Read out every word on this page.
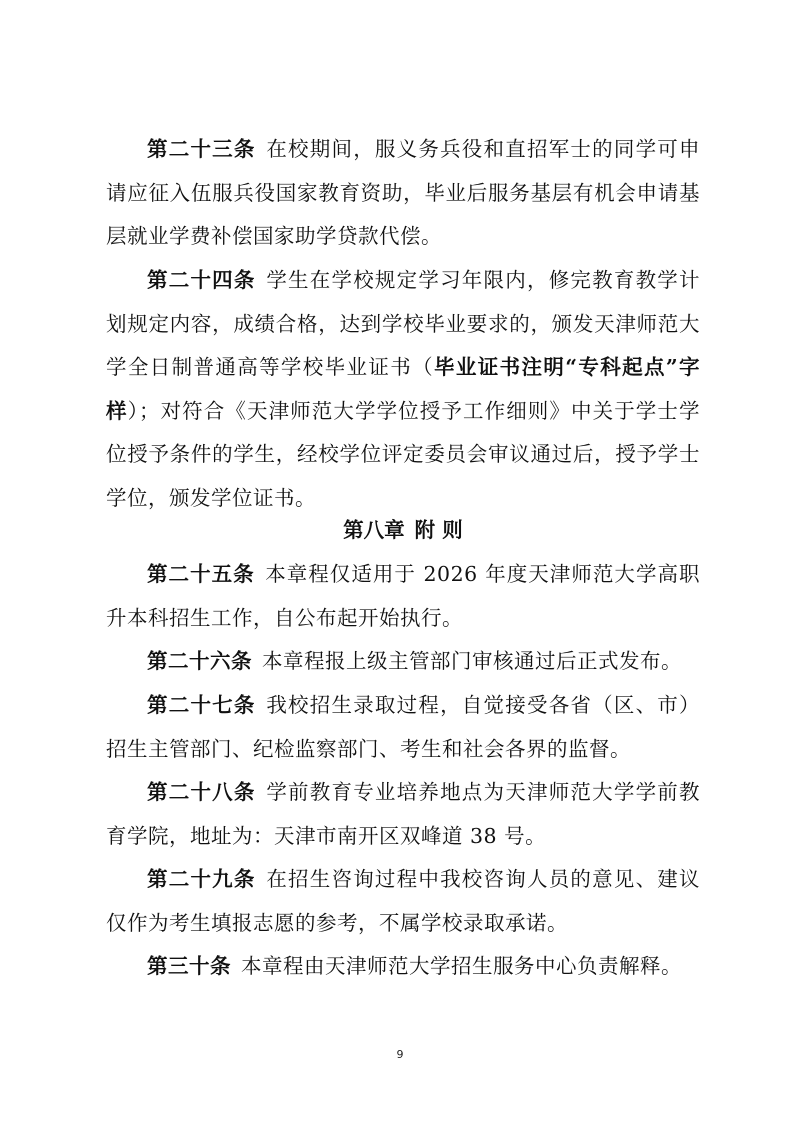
第二十三条 在校期间，服义务兵役和直招军士的同学可申请应征入伍服兵役国家教育资助，毕业后服务基层有机会申请基层就业学费补偿国家助学贷款代偿。

第二十四条 学生在学校规定学习年限内，修完教育教学计划规定内容，成绩合格，达到学校毕业要求的，颁发天津师范大学全日制普通高等学校毕业证书（毕业证书注明“专科起点”字样）；对符合《天津师范大学学位授予工作细则》中关于学士学位授予条件的学生，经校学位评定委员会审议通过后，授予学士学位，颁发学位证书。

第八章 附 则

第二十五条 本章程仅适用于 2026 年度天津师范大学高职升本科招生工作，自公布起开始执行。

第二十六条 本章程报上级主管部门审核通过后正式发布。

第二十七条 我校招生录取过程，自觉接受各省（区、市）招生主管部门、纪检监察部门、考生和社会各界的监督。

第二十八条 学前教育专业培养地点为天津师范大学学前教育学院，地址为：天津市南开区双峰道 38 号。

第二十九条 在招生咨询过程中我校咨询人员的意见、建议仅作为考生填报志愿的参考，不属学校录取承诺。

第三十条 本章程由天津师范大学招生服务中心负责解释。

9
